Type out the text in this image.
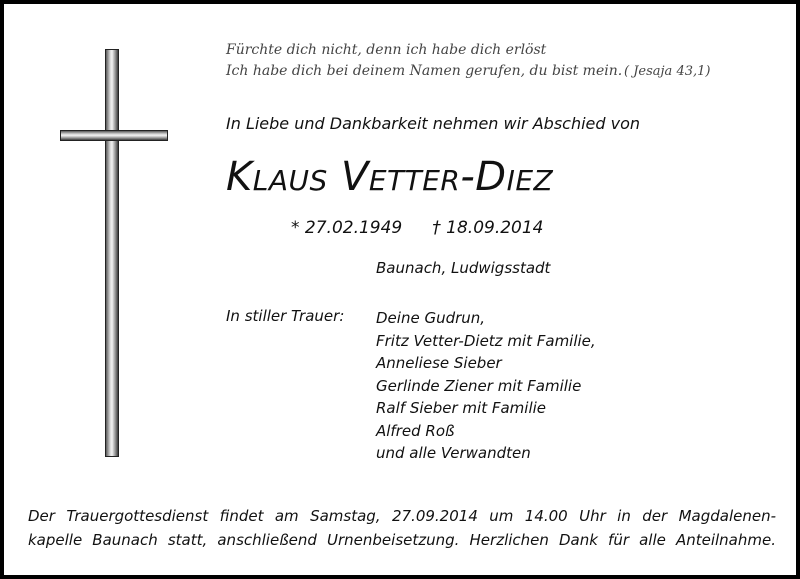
Fürchte dich nicht, denn ich habe dich erlöst
Ich habe dich bei deinem Namen gerufen, du bist mein. ( Jesaja 43,1)
In Liebe und Dankbarkeit nehmen wir Abschied von
Klaus Vetter-Diez
* 27.02.1949 † 18.09.2014
Baunach, Ludwigsstadt
In stiller Trauer: Deine Gudrun,
Fritz Vetter-Dietz mit Familie,
Anneliese Sieber
Gerlinde Ziener mit Familie
Ralf Sieber mit Familie
Alfred Roß
und alle Verwandten
Der Trauergottesdienst findet am Samstag, 27.09.2014 um 14.00 Uhr in der Magdalenen-
kapelle Baunach statt, anschließend Urnenbeisetzung. Herzlichen Dank für alle Anteilnahme.
